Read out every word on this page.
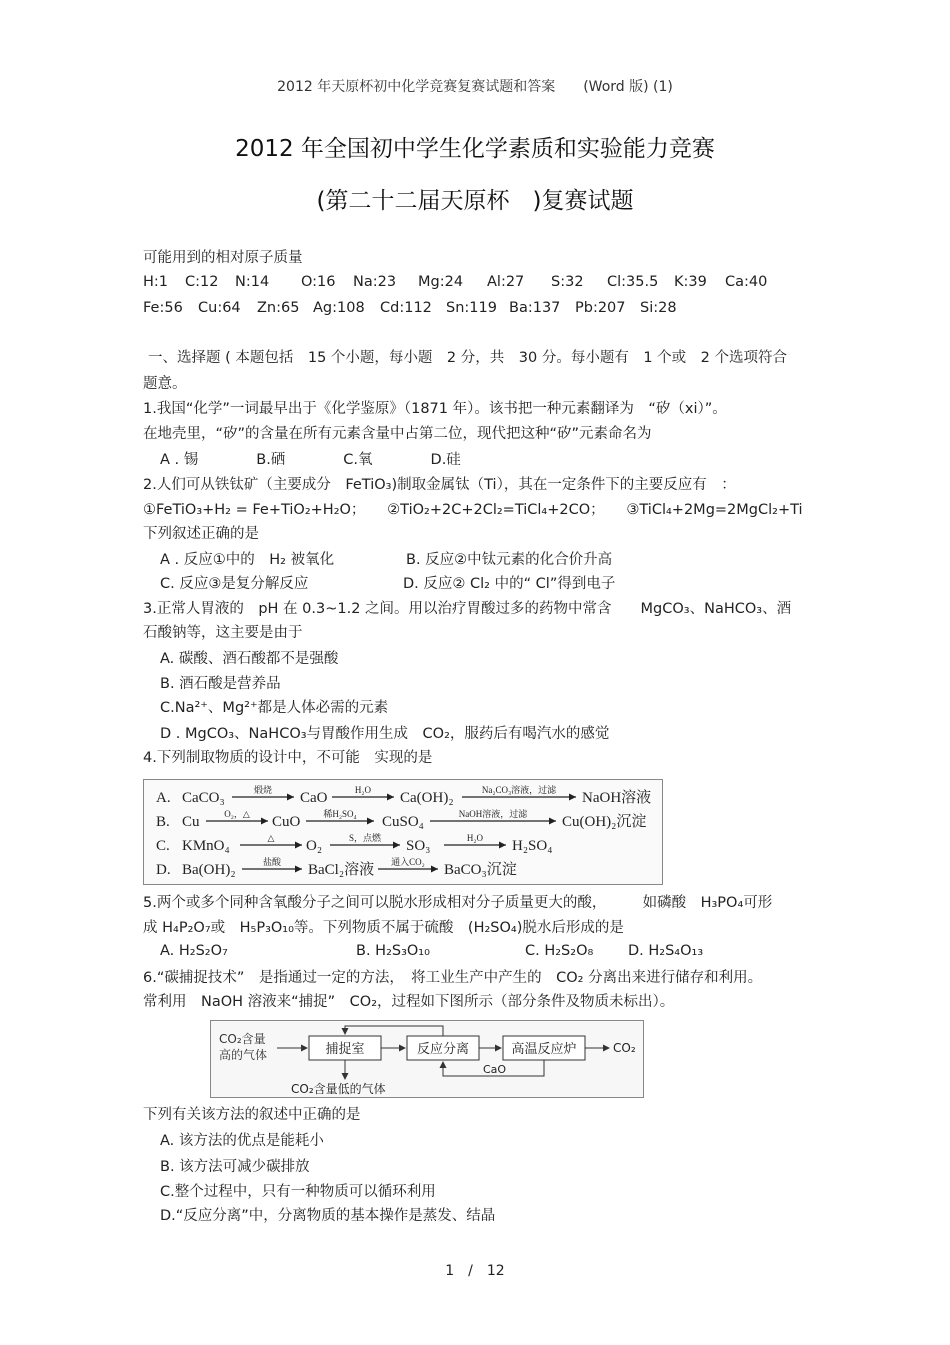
2012 年天原杯初中化学竞赛复赛试题和答案　　(Word 版) (1)
2012 年全国初中学生化学素质和实验能力竞赛
(第二十二届天原杯　)复赛试题
可能用到的相对原子质量
H:1 C:12 N:14 O:16 Na:23 Mg:24 Al:27 S:32 Cl:35.5 K:39 Ca:40
Fe:56 Cu:64 Zn:65 Ag:108 Cd:112 Sn:119 Ba:137 Pb:207 Si:28
一、选择题 ( 本题包括　15 个小题，每小题　2 分，共　30 分。每小题有　1 个或　2 个选项符合
题意。
1.我国“化学”一词最早出于《化学鉴原》（1871 年）。该书把一种元素翻译为　“矽（xi）”。
在地壳里，“矽”的含量在所有元素含量中占第二位，现代把这种“矽”元素命名为
A . 锡　　　　B.硒　　　　C.氧　　　　D.硅
2.人们可从铁钛矿（主要成分　FeTiO₃)制取金属钛（Ti），其在一定条件下的主要反应有　：
①FeTiO₃+H₂ = Fe+TiO₂+H₂O；　　②TiO₂+2C+2Cl₂=TiCl₄+2CO；　　③TiCl₄+2Mg=2MgCl₂+Ti
下列叙述正确的是
A . 反应①中的　H₂ 被氧化	B. 反应②中钛元素的化合价升高
C. 反应③是复分解反应	D. 反应② Cl₂ 中的“ Cl”得到电子
3.正常人胃液的　pH 在 0.3~1.2 之间。用以治疗胃酸过多的药物中常含　　MgCO₃、NaHCO₃、酒
石酸钠等，这主要是由于
A. 碳酸、酒石酸都不是强酸
B. 酒石酸是营养品
C.Na²⁺、Mg²⁺都是人体必需的元素
D . MgCO₃、NaHCO₃与胃酸作用生成　CO₂，服药后有喝汽水的感觉
4.下列制取物质的设计中，不可能　实现的是
A. CaCO₃	煅烧 CaO	H₂O Ca(OH)₂	Na₂CO₃溶液，过滤 NaOH溶液
B. Cu	O₂，△ CuO	稀H₂SO₄ CuSO₄	NaOH溶液，过滤 Cu(OH)₂沉淀
C. KMnO₄	△ O₂	S，点燃 SO₃	H₂O H₂SO₄
D. Ba(OH)₂	盐酸 BaCl₂溶液 通入CO₂ BaCO₃沉淀
5.两个或多个同种含氧酸分子之间可以脱水形成相对分子质量更大的酸，　　　如磷酸　H₃PO₄可形
成 H₄P₂O₇或　H₅P₃O₁₀等。下列物质不属于硫酸　(H₂SO₄)脱水后形成的是
A. H₂S₂O₇	B. H₂S₃O₁₀	C. H₂S₂O₈ D. H₂S₄O₁₃
6.“碳捕捉技术”　是指通过一定的方法，　将工业生产中产生的　CO₂ 分离出来进行储存和利用。
常利用　NaOH 溶液来“捕捉”　CO₂，过程如下图所示（部分条件及物质未标出）。
CO₂含量
高的气体	捕捉室	反应分离	高温反应炉	CO₂
CaO
CO₂含量低的气体
下列有关该方法的叙述中正确的是
A. 该方法的优点是能耗小
B. 该方法可减少碳排放
C.整个过程中，只有一种物质可以循环利用
D.“反应分离”中，分离物质的基本操作是蒸发、结晶
1　/　12
